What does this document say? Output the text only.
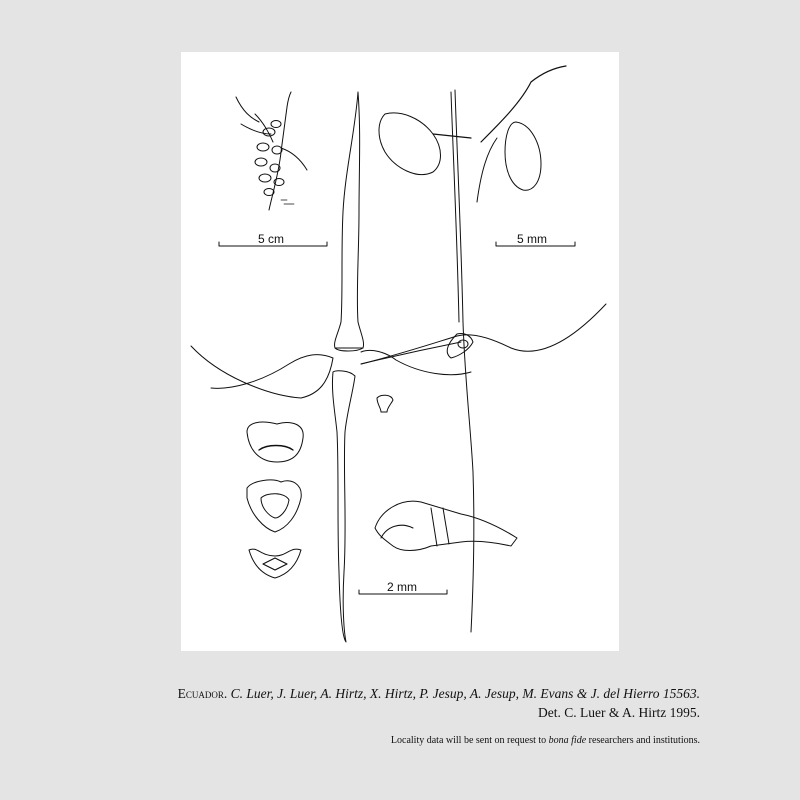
5 cm	5 mm
2 mm
Ecuador. C. Luer, J. Luer, A. Hirtz, X. Hirtz, P. Jesup, A. Jesup, M. Evans & J. del Hierro 15563.
Det. C. Luer & A. Hirtz 1995.
Locality data will be sent on request to bona fide researchers and institutions.
